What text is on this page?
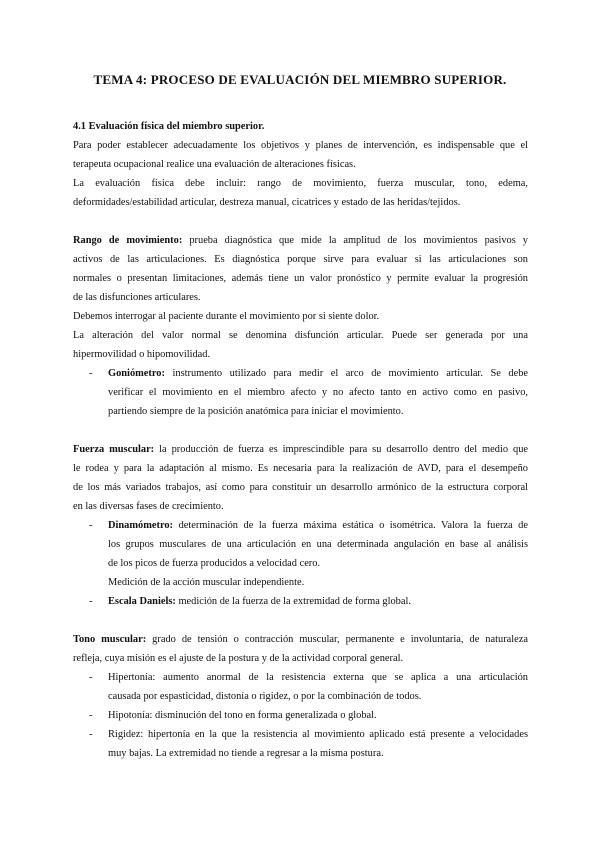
TEMA 4: PROCESO DE EVALUACIÓN DEL MIEMBRO SUPERIOR.
4.1 Evaluación física del miembro superior.
Para poder establecer adecuadamente los objetivos y planes de intervención, es indispensable que el
terapeuta ocupacional realice una evaluación de alteraciones físicas.
La evaluación física debe incluir: rango de movimiento, fuerza muscular, tono, edema,
deformidades/estabilidad articular, destreza manual, cicatrices y estado de las heridas/tejidos.
Rango de movimiento: prueba diagnóstica que mide la amplitud de los movimientos pasivos y
activos de las articulaciones. Es diagnóstica porque sirve para evaluar si las articulaciones son
normales o presentan limitaciones, además tiene un valor pronóstico y permite evaluar la progresión
de las disfunciones articulares.
Debemos interrogar al paciente durante el movimiento por si siente dolor.
La alteración del valor normal se denomina disfunción articular. Puede ser generada por una
hipermovilidad o hipomovilidad.
- Goniómetro: instrumento utilizado para medir el arco de movimiento articular. Se debe
verificar el movimiento en el miembro afecto y no afecto tanto en activo como en pasivo,
partiendo siempre de la posición anatómica para iniciar el movimiento.
Fuerza muscular: la producción de fuerza es imprescindible para su desarrollo dentro del medio que
le rodea y para la adaptación al mismo. Es necesaria para la realización de AVD, para el desempeño
de los más variados trabajos, así como para constituir un desarrollo armónico de la estructura corporal
en las diversas fases de crecimiento.
- Dinamómetro: determinación de la fuerza máxima estática o isométrica. Valora la fuerza de
los grupos musculares de una articulación en una determinada angulación en base al análisis
de los picos de fuerza producidos a velocidad cero.
Medición de la acción muscular independiente.
- Escala Daniels: medición de la fuerza de la extremidad de forma global.
Tono muscular: grado de tensión o contracción muscular, permanente e involuntaria, de naturaleza
refleja, cuya misión es el ajuste de la postura y de la actividad corporal general.
- Hipertonía: aumento anormal de la resistencia externa que se aplica a una articulación
causada por espasticidad, distonía o rigidez, o por la combinación de todos.
- Hipotonía: disminución del tono en forma generalizada o global.
- Rigidez: hipertonía en la que la resistencia al movimiento aplicado está presente a velocidades
muy bajas. La extremidad no tiende a regresar a la misma postura.
